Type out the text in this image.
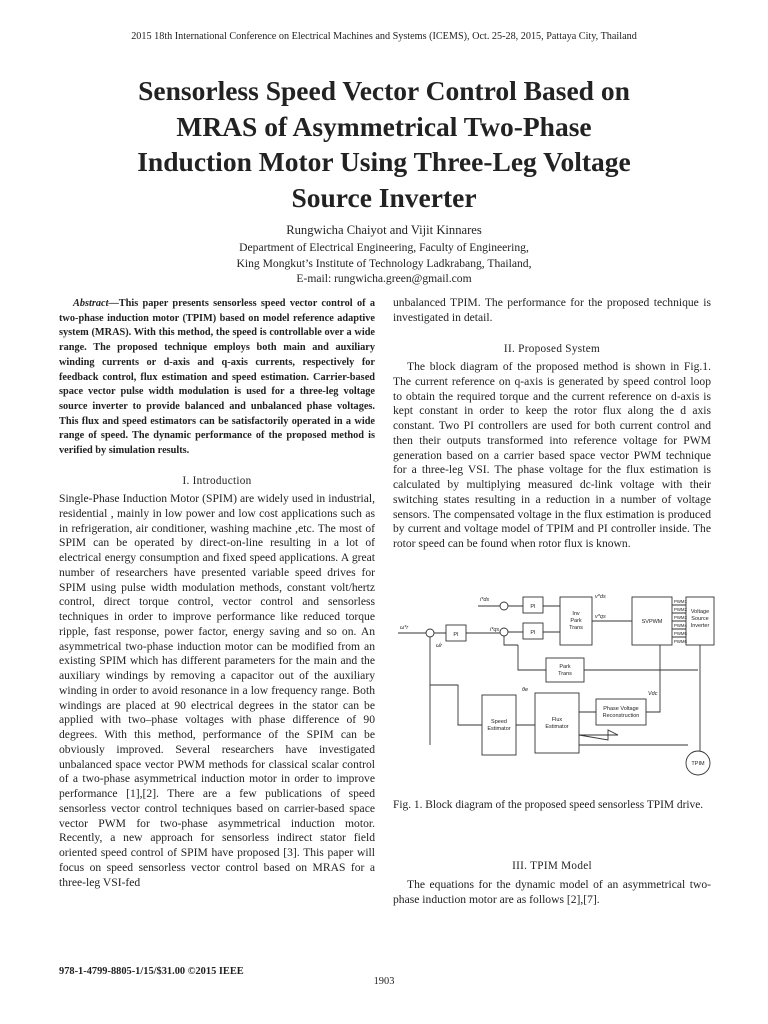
2015 18th International Conference on Electrical Machines and Systems (ICEMS), Oct. 25-28, 2015, Pattaya City, Thailand
Sensorless Speed Vector Control Based on
MRAS of Asymmetrical Two-Phase
Induction Motor Using Three-Leg Voltage
Source Inverter
Rungwicha Chaiyot and Vijit Kinnares
Department of Electrical Engineering, Faculty of Engineering,
King Mongkut’s Institute of Technology Ladkrabang, Thailand,
E-mail: rungwicha.green@gmail.com

Abstract—This paper presents sensorless speed vector control of a two-phase induction motor (TPIM) based on model reference adaptive system (MRAS). With this method, the speed is controllable over a wide range. The proposed technique employs both main and auxiliary winding currents or d-axis and q-axis currents, respectively for feedback control, flux estimation and speed estimation. Carrier-based space vector pulse width modulation is used for a three-leg voltage source inverter to provide balanced and unbalanced phase voltages. This flux and speed estimators can be satisfactorily operated in a wide range of speed. The dynamic performance of the proposed method is verified by simulation results.

I. Introduction

Single-Phase Induction Motor (SPIM) are widely used in industrial, residential , mainly in low power and low cost applications such as in refrigeration, air conditioner, washing machine ,etc. The most of SPIM can be operated by direct-on-line resulting in a lot of electrical energy consumption and fixed speed applications. A great number of researchers have presented variable speed drives for SPIM using pulse width modulation methods, constant volt/hertz control, direct torque control, vector control and sensorless techniques in order to improve performance like reduced torque ripple, fast response, power factor, energy saving and so on. An asymmetrical two-phase induction motor can be modified from an existing SPIM which has different parameters for the main and the auxiliary windings by removing a capacitor out of the auxiliary winding in order to avoid resonance in a low frequency range. Both windings are placed at 90 electrical degrees in the stator can be applied with two–phase voltages with phase difference of 90 degrees. With this method, performance of the SPIM can be obviously improved. Several researchers have investigated unbalanced space vector PWM methods for classical scalar control of a two-phase asymmetrical induction motor in order to improve performance [1],[2]. There are a few publications of speed sensorless vector control techniques based on carrier-based space vector PWM for two-phase asymmetrical induction motor. Recently, a new approach for sensorless indirect stator field oriented speed control of SPIM have proposed [3]. This paper will focus on speed sensorless vector control based on MRAS for a three-leg VSI-fed

unbalanced TPIM. The performance for the proposed technique is investigated in detail.

II. Proposed System

The block diagram of the proposed method is shown in Fig.1. The current reference on q-axis is generated by speed control loop to obtain the required torque and the current reference on d-axis is kept constant in order to keep the rotor flux along the d axis constant. Two PI controllers are used for both current control and then their outputs transformed into reference voltage for PWM generation based on a carrier based space vector PWM technique for a three-leg VSI. The phase voltage for the flux estimation is calculated by multiplying measured dc-link voltage with their switching states resulting in a reduction in a number of voltage sensors. The compensated voltage in the flux estimation is produced by current and voltage model of TPIM and PI controller inside. The rotor speed can be found when rotor flux is known.

PI
PI
PI
Inv
Park
Trans
SVPWM
Voltage
Source
Inverter
Park
Trans
Speed
Estimator
Flux
Estimator
Phase Voltage
Reconstruction
TPIM
PWM1
PWM2
PWM3
PWM4
PWM5
PWM6
i*ds
i*qs
v*ds
v*qs
ω*r
ω̂r
θe
Vdc
Fig. 1. Block diagram of the proposed speed sensorless TPIM drive.
III. TPIM Model

The equations for the dynamic model of an asymmetrical two-phase induction motor are as follows [2],[7].

978-1-4799-8805-1/15/$31.00 ©2015 IEEE
1903
